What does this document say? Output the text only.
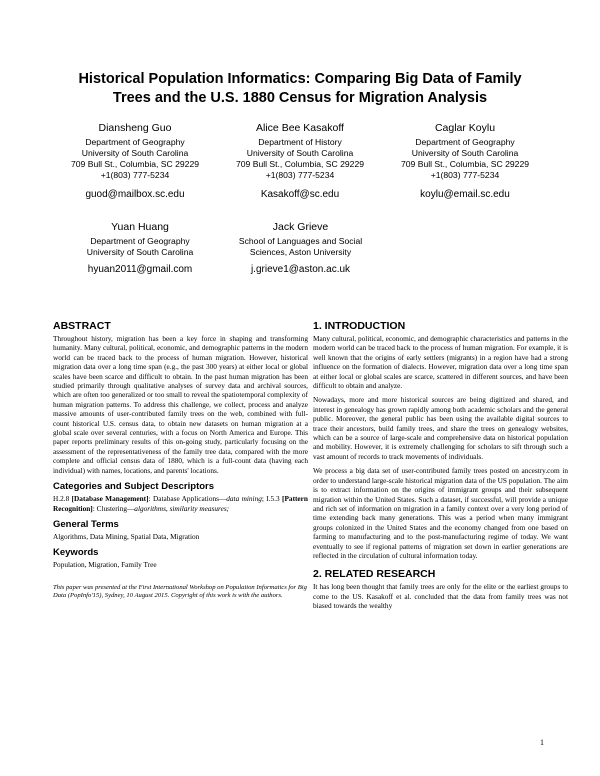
Historical Population Informatics: Comparing Big Data of Family
Trees and the U.S. 1880 Census for Migration Analysis
Diansheng Guo
Department of Geography
University of South Carolina
709 Bull St., Columbia, SC 29229
+1(803) 777-5234
guod@mailbox.sc.edu
Alice Bee Kasakoff
Department of History
University of South Carolina
709 Bull St., Columbia, SC 29229
+1(803) 777-5234
Kasakoff@sc.edu
Caglar Koylu
Department of Geography
University of South Carolina
709 Bull St., Columbia, SC 29229
+1(803) 777-5234
koylu@email.sc.edu
Yuan Huang
Department of Geography
University of South Carolina
hyuan2011@gmail.com
Jack Grieve
School of Languages and Social
Sciences, Aston University
j.grieve1@aston.ac.uk
ABSTRACT
Throughout history, migration has been a key force in shaping and transforming humanity. Many cultural, political, economic, and demographic patterns in the modern world can be traced back to the process of human migration. However, historical migration data over a long time span (e.g., the past 300 years) at either local or global scales have been scarce and difficult to obtain. In the past human migration has been studied primarily through qualitative analyses of survey data and archival sources, which are often too generalized or too small to reveal the spatiotemporal complexity of human migration patterns. To address this challenge, we collect, process and analyze massive amounts of user-contributed family trees on the web, combined with full-count historical U.S. census data, to obtain new datasets on human migration at a global scale over several centuries, with a focus on North America and Europe. This paper reports preliminary results of this on-going study, particularly focusing on the assessment of the representativeness of the family tree data, compared with the more complete and official census data of 1880, which is a full-count data (having each individual) with names, locations, and parents' locations.
Categories and Subject Descriptors
H.2.8 [Database Management]: Database Applications—data mining; I.5.3 [Pattern Recognition]: Clustering—algorithms, similarity measures;
General Terms
Algorithms, Data Mining, Spatial Data, Migration
Keywords
Population, Migration, Family Tree
This paper was presented at the First International Workshop on Population Informatics for Big Data (PopInfo'15), Sydney, 10 August 2015. Copyright of this work is with the authors.
1. INTRODUCTION
Many cultural, political, economic, and demographic characteristics and patterns in the modern world can be traced back to the process of human migration. For example, it is well known that the origins of early settlers (migrants) in a region have had a strong influence on the formation of dialects. However, migration data over a long time span at either local or global scales are scarce, scattered in different sources, and have been difficult to obtain and analyze.
Nowadays, more and more historical sources are being digitized and shared, and interest in genealogy has grown rapidly among both academic scholars and the general public. Moreover, the general public has been using the available digital sources to trace their ancestors, build family trees, and share the trees on genealogy websites, which can be a source of large-scale and comprehensive data on historical population and mobility. However, it is extremely challenging for scholars to sift through such a vast amount of records to track movements of individuals.
We process a big data set of user-contributed family trees posted on ancestry.com in order to understand large-scale historical migration data of the US population. The aim is to extract information on the origins of immigrant groups and their subsequent migration within the United States. Such a dataset, if successful, will provide a unique and rich set of information on migration in a family context over a very long period of time extending back many generations. This was a period when many immigrant groups colonized in the United States and the economy changed from one based on farming to manufacturing and to the post-manufacturing regime of today. We want eventually to see if regional patterns of migration set down in earlier generations are reflected in the circulation of cultural information today.
2. RELATED RESEARCH
It has long been thought that family trees are only for the elite or the earliest groups to come to the US. Kasakoff et al. concluded that the data from family trees was not biased towards the wealthy
1
